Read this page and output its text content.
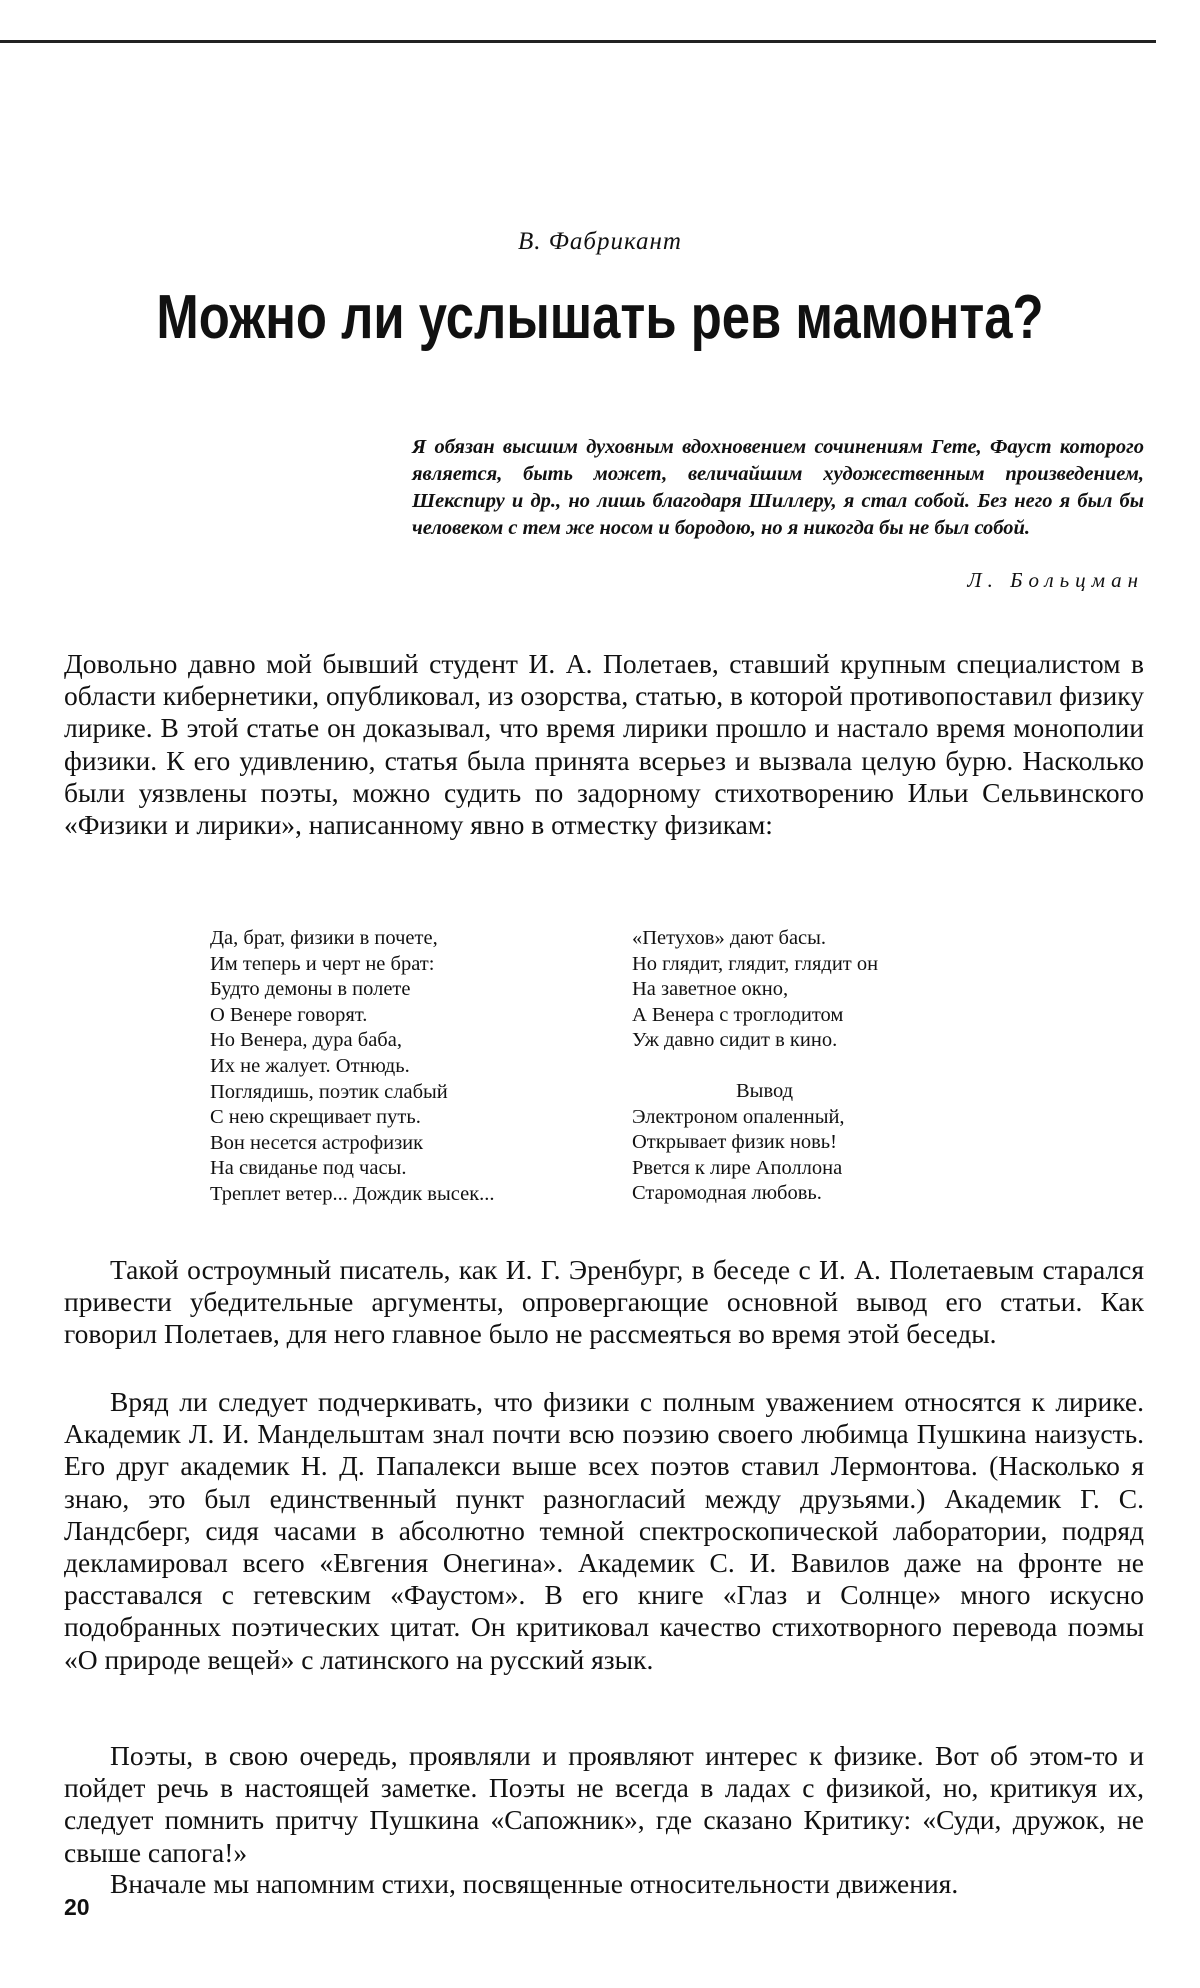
В. Фабрикант
Можно ли услышать рев мамонта?
Я обязан высшим духовным вдохновением сочинениям Гете, Фауст которого является, быть может, величайшим художественным произведением, Шекспиру и др., но лишь благодаря Шиллеру, я стал собой. Без него я был бы человеком с тем же носом и бородою, но я никогда бы не был собой.
Л. Больцман

Довольно давно мой бывший студент И. А. Полетаев, ставший крупным специалистом в области кибернетики, опубликовал, из озорства, статью, в которой противопоставил физику лирике. В этой статье он доказывал, что время лирики прошло и настало время монополии физики. К его удивлению, статья была принята всерьез и вызвала целую бурю. Насколько были уязвлены поэты, можно судить по задорному стихотворению Ильи Сельвинского «Физики и лирики», написанному явно в отместку физикам:

Да, брат, физики в почете,
Им теперь и черт не брат:
Будто демоны в полете
О Венере говорят.
Но Венера, дура баба,
Их не жалует. Отнюдь.
Поглядишь, поэтик слабый
С нею скрещивает путь.
Вон несется астрофизик
На свиданье под часы.
Треплет ветер... Дождик высек...
«Петухов» дают басы.
Но глядит, глядит, глядит он
На заветное окно,
А Венера с троглодитом
Уж давно сидит в кино.
Вывод
Электроном опаленный,
Открывает физик новь!
Рвется к лире Аполлона
Старомодная любовь.

Такой остроумный писатель, как И. Г. Эренбург, в беседе с И. А. Полетаевым старался привести убедительные аргументы, опровергающие основной вывод его статьи. Как говорил Полетаев, для него главное было не рассмеяться во время этой беседы.

Вряд ли следует подчеркивать, что физики с полным уважением относятся к лирике. Академик Л. И. Мандельштам знал почти всю поэзию своего любимца Пушкина наизусть. Его друг академик Н. Д. Папалекси выше всех поэтов ставил Лермонтова. (Насколько я знаю, это был единственный пункт разногласий между друзьями.) Академик Г. С. Ландсберг, сидя часами в абсолютно темной спектроскопической лаборатории, подряд декламировал всего «Евгения Онегина». Академик С. И. Вавилов даже на фронте не расставался с гетевским «Фаустом». В его книге «Глаз и Солнце» много искусно подобранных поэтических цитат. Он критиковал качество стихотворного перевода поэмы «О природе вещей» с латинского на русский язык.

Поэты, в свою очередь, проявляли и проявляют интерес к физике. Вот об этом-то и пойдет речь в настоящей заметке. Поэты не всегда в ладах с физикой, но, критикуя их, следует помнить притчу Пушкина «Сапожник», где сказано Критику: «Суди, дружок, не свыше сапога!»

Вначале мы напомним стихи, посвященные относительности движения.

20
